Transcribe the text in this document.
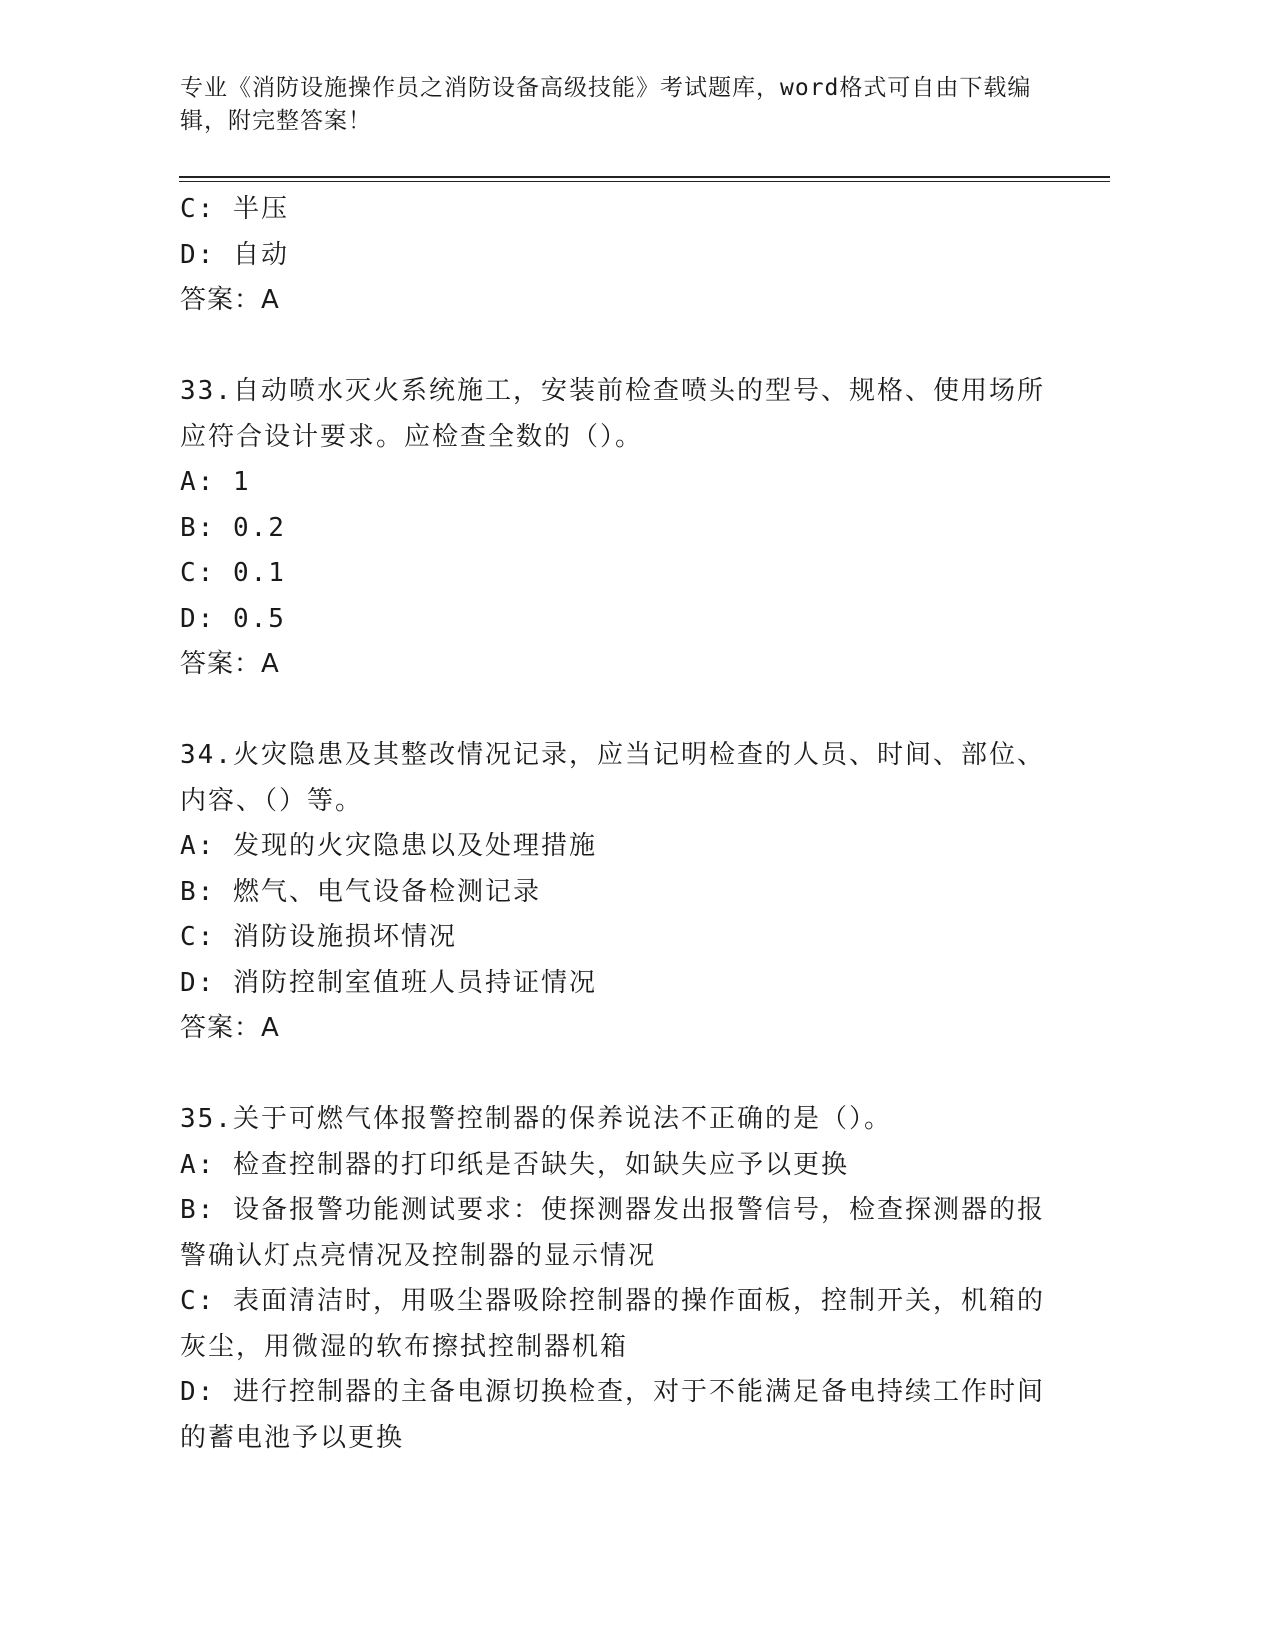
专业《消防设施操作员之消防设备高级技能》考试题库，word格式可自由下载编
辑，附完整答案！
C: 半压
D: 自动
答案：A
33.自动喷水灭火系统施工，安装前检查喷头的型号、规格、使用场所
应符合设计要求。应检查全数的（）。
A: 1
B: 0.2
C: 0.1
D: 0.5
答案：A
34.火灾隐患及其整改情况记录，应当记明检查的人员、时间、部位、
内容、（）等。
A: 发现的火灾隐患以及处理措施
B: 燃气、电气设备检测记录
C: 消防设施损坏情况
D: 消防控制室值班人员持证情况
答案：A
35.关于可燃气体报警控制器的保养说法不正确的是（）。
A: 检查控制器的打印纸是否缺失，如缺失应予以更换
B: 设备报警功能测试要求：使探测器发出报警信号，检查探测器的报
警确认灯点亮情况及控制器的显示情况
C: 表面清洁时，用吸尘器吸除控制器的操作面板，控制开关，机箱的
灰尘，用微湿的软布擦拭控制器机箱
D: 进行控制器的主备电源切换检查，对于不能满足备电持续工作时间
的蓄电池予以更换
